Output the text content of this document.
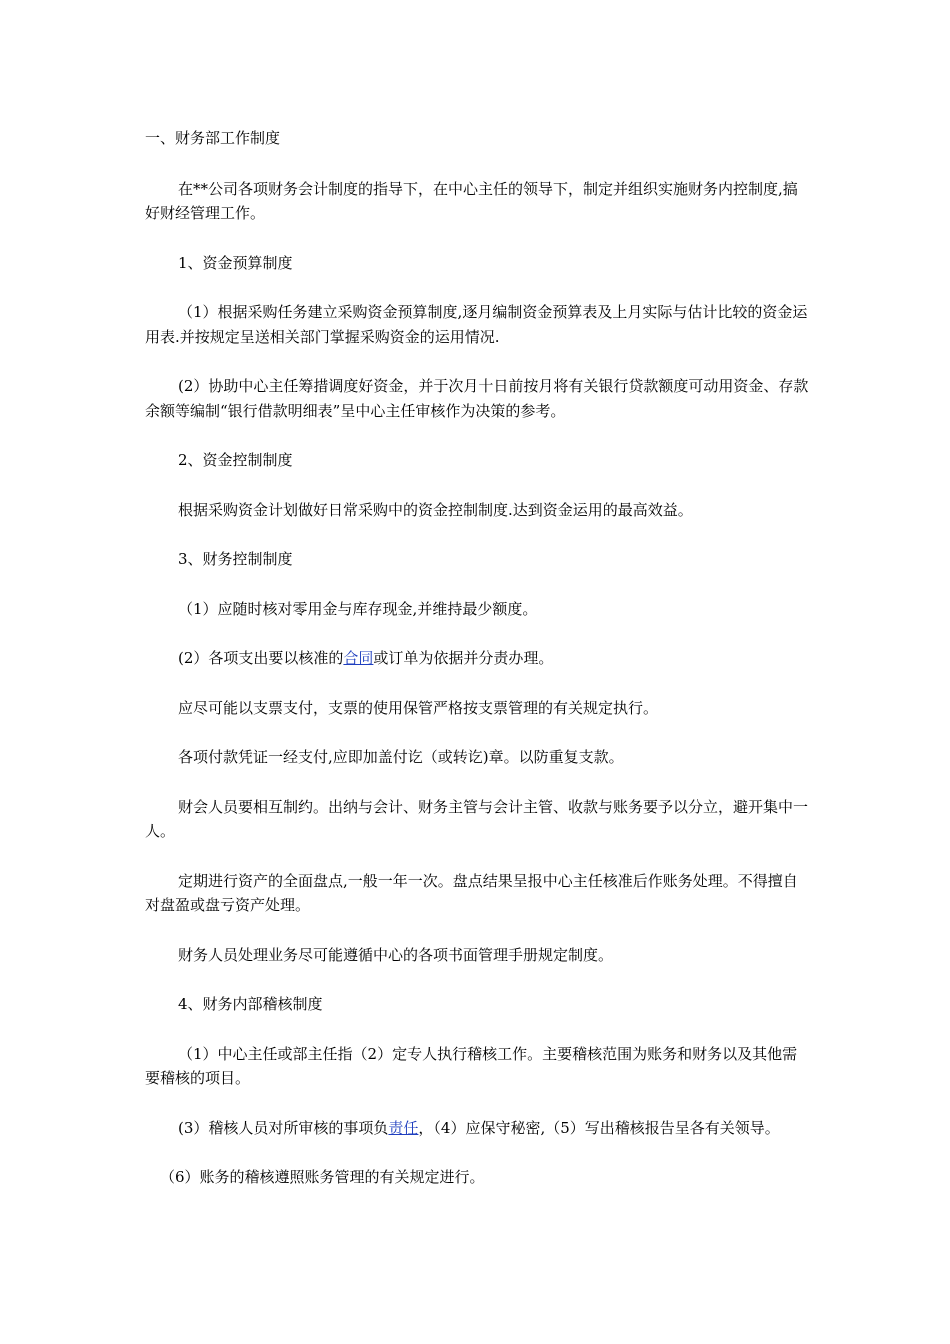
一、财务部工作制度

在**公司各项财务会计制度的指导下，在中心主任的领导下，制定并组织实施财务内控制度,搞好财经管理工作。

1、资金预算制度

（1）根据采购任务建立采购资金预算制度,逐月编制资金预算表及上月实际与估计比较的资金运用表.并按规定呈送相关部门掌握采购资金的运用情况.

(2）协助中心主任筹措调度好资金，并于次月十日前按月将有关银行贷款额度可动用资金、存款余额等编制“银行借款明细表”呈中心主任审核作为决策的参考。

2、资金控制制度

根据采购资金计划做好日常采购中的资金控制制度.达到资金运用的最高效益。

3、财务控制制度

（1）应随时核对零用金与库存现金,并维持最少额度。

(2）各项支出要以核准的合同或订单为依据并分责办理。

应尽可能以支票支付，支票的使用保管严格按支票管理的有关规定执行。

各项付款凭证一经支付,应即加盖付讫（或转讫)章。以防重复支款。

财会人员要相互制约。出纳与会计、财务主管与会计主管、收款与账务要予以分立，避开集中一人。

定期进行资产的全面盘点,一般一年一次。盘点结果呈报中心主任核准后作账务处理。不得擅自对盘盈或盘亏资产处理。

财务人员处理业务尽可能遵循中心的各项书面管理手册规定制度。

4、财务内部稽核制度

（1）中心主任或部主任指（2）定专人执行稽核工作。主要稽核范围为账务和财务以及其他需要稽核的项目。

(3）稽核人员对所审核的事项负责任，（4）应保守秘密,（5）写出稽核报告呈各有关领导。

（6）账务的稽核遵照账务管理的有关规定进行。
